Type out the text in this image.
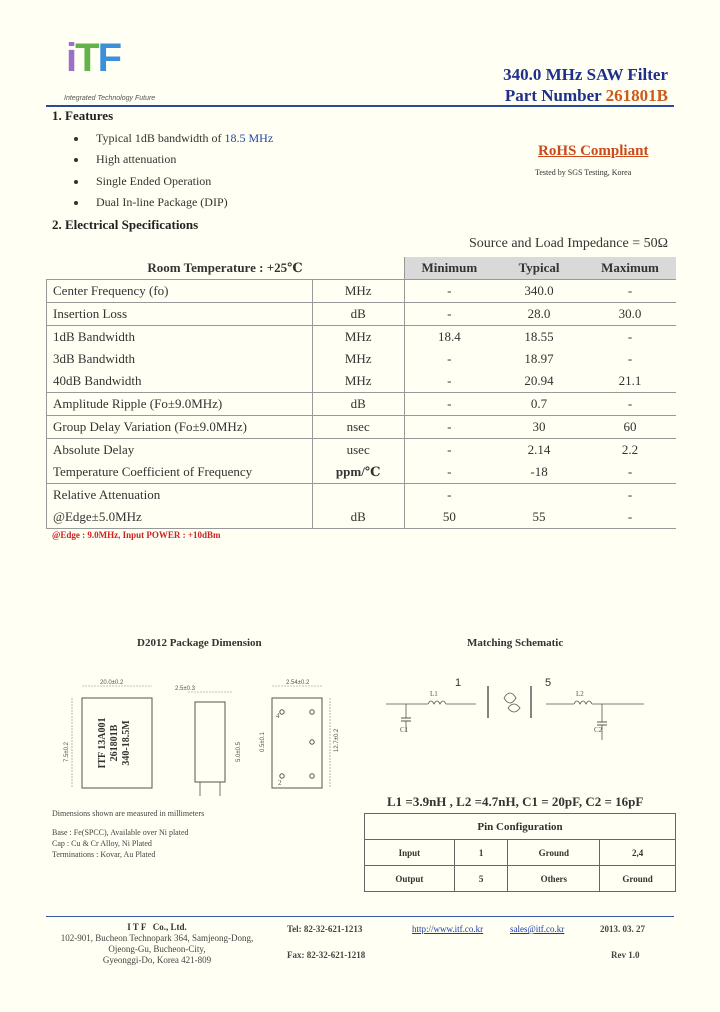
iTF
Integrated Technology Future
340.0 MHz SAW Filter
Part Number 261801B
1. Features
Typical 1dB bandwidth of 18.5 MHz
High attenuation
Single Ended Operation
Dual In-line Package (DIP)
RoHS Compliant
Tested by SGS Testing, Korea
2. Electrical Specifications
Source and Load Impedance = 50Ω
Room Temperature : +25℃		Minimum	Typical	Maximum
Center Frequency (fo)	MHz	-	340.0	-
Insertion Loss	dB	-	28.0	30.0
1dB Bandwidth	MHz	18.4	18.55	-
3dB Bandwidth	MHz	-	18.97	-
40dB Bandwidth	MHz	-	20.94	21.1
Amplitude Ripple (Fo±9.0MHz)	dB	-	0.7	-
Group Delay Variation (Fo±9.0MHz)	nsec	-	30	60
Absolute Delay	usec	-	2.14	2.2
Temperature Coefficient of Frequency	ppm/℃	-	-18	-
Relative Attenuation		-		-
@Edge±5.0MHz	dB	50	55	-
@Edge : 9.0MHz, Input POWER : +10dBm
D2012 Package Dimension
20.0±0.2
7.5±0.2	ITF 13A001 261801B 340-18.5M
2.5±0.3
5.0±0.5
2.54±0.2
4
2
12.7±0.2
0.5±0.1
Dimensions shown are measured in millimeters
Base : Fe(SPCC), Available over Ni plated
Cap : Cu & Cr Alloy, Ni Plated
Terminations : Kovar, Au Plated
Matching Schematic
1	5
L1
C1
L2
C2
L1 =3.9nH , L2 =4.7nH, C1 = 20pF, C2 = 16pF
Pin Configuration			
Input	1	Ground	2,4
Output	5	Others	Ground
I T F   Co., Ltd.
102-901, Bucheon Technopark 364, Samjeong-Dong,
Ojeong-Gu, Bucheon-City,
Gyeonggi-Do, Korea 421-809
Tel: 82-32-621-1213
Fax: 82-32-621-1218
http://www.itf.co.kr	sales@itf.co.kr	2013. 03. 27
Rev 1.0
